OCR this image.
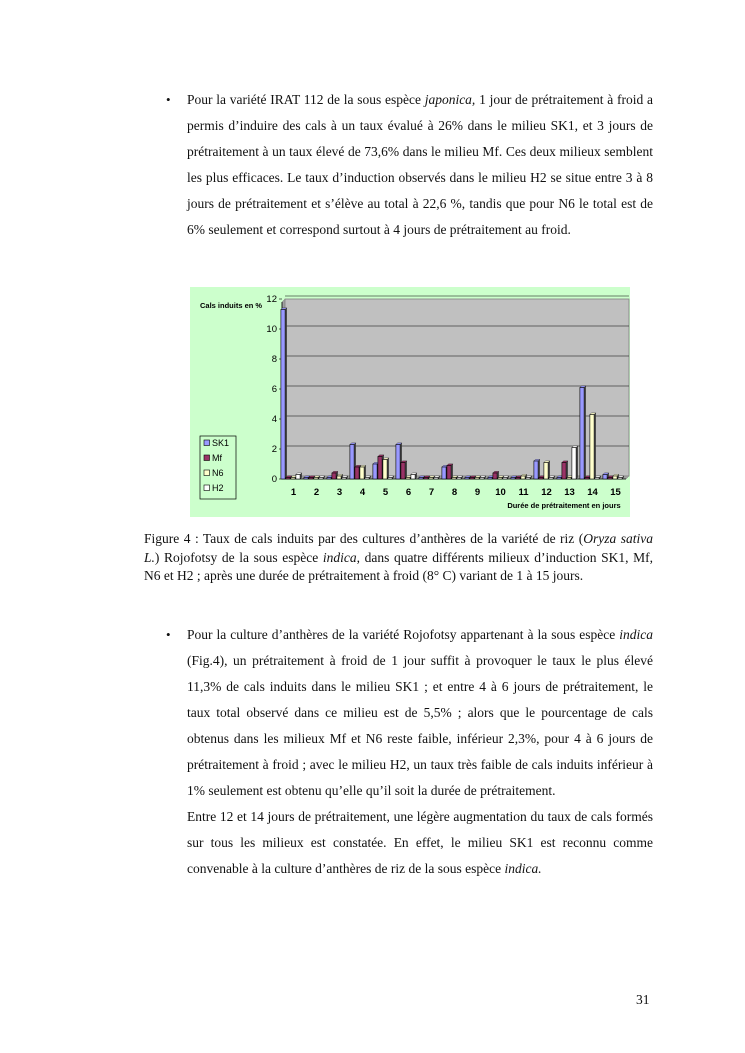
• Pour la variété IRAT 112 de la sous espèce japonica, 1 jour de prétraitement à froid a permis d’induire des cals à un taux évalué à 26% dans le milieu SK1, et 3 jours de prétraitement à un taux élevé de 73,6% dans le milieu Mf. Ces deux milieux semblent les plus efficaces. Le taux d’induction observés dans le milieu H2 se situe entre 3 à 8 jours de prétraitement et s’élève au total à 22,6 %, tandis que pour N6 le total est de 6% seulement et correspond surtout à 4 jours de prétraitement au froid.
0
2
4
6
8
10
12
Cals induits en %
1 2 3 4 5 6 7 8 9 10 11 12 13 14 15
Durée de prétraitement en jours
SK1
Mf
N6
H2
Figure 4 : Taux de cals induits par des cultures d’anthères de la variété de riz (Oryza sativa L.) Rojofotsy de la sous espèce indica, dans quatre différents milieux d’induction SK1, Mf, N6 et H2 ; après une durée de prétraitement à froid (8° C) variant de 1 à 15 jours.
• Pour la culture d’anthères de la variété Rojofotsy appartenant à la sous espèce indica (Fig.4), un prétraitement à froid de 1 jour suffit à provoquer le taux le plus élevé 11,3% de cals induits dans le milieu SK1 ; et entre 4 à 6 jours de prétraitement, le taux total observé dans ce milieu est de 5,5% ; alors que le pourcentage de cals obtenus dans les milieux Mf et N6 reste faible, inférieur 2,3%, pour 4 à 6 jours de prétraitement à froid ; avec le milieu H2, un taux très faible de cals induits inférieur à 1% seulement est obtenu qu’elle qu’il soit la durée de prétraitement.

Entre 12 et 14 jours de prétraitement, une légère augmentation du taux de cals formés sur tous les milieux est constatée. En effet, le milieu SK1 est reconnu comme convenable à la culture d’anthères de riz de la sous espèce indica.

31
